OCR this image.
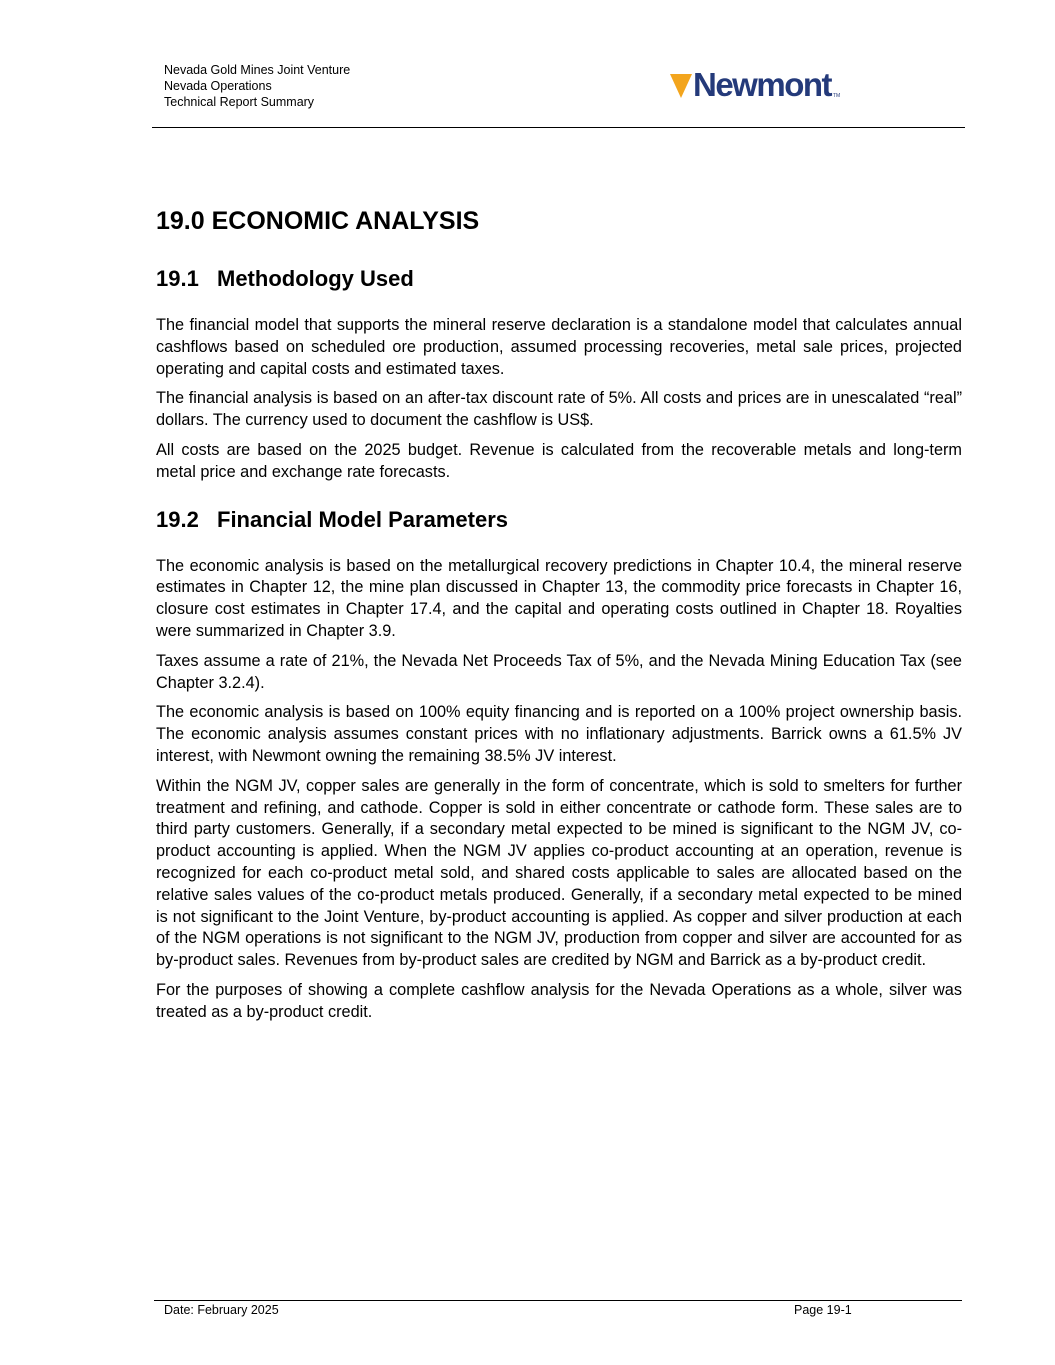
Nevada Gold Mines Joint Venture
Nevada Operations
Technical Report Summary	Newmont TM
19.0 ECONOMIC ANALYSIS
19.1 Methodology Used

The financial model that supports the mineral reserve declaration is a standalone model that calculates annual cashflows based on scheduled ore production, assumed processing recoveries, metal sale prices, projected operating and capital costs and estimated taxes.

The financial analysis is based on an after-tax discount rate of 5%. All costs and prices are in unescalated “real” dollars. The currency used to document the cashflow is US$.

All costs are based on the 2025 budget. Revenue is calculated from the recoverable metals and long-term metal price and exchange rate forecasts.

19.2 Financial Model Parameters

The economic analysis is based on the metallurgical recovery predictions in Chapter 10.4, the mineral reserve estimates in Chapter 12, the mine plan discussed in Chapter 13, the commodity price forecasts in Chapter 16, closure cost estimates in Chapter 17.4, and the capital and operating costs outlined in Chapter 18. Royalties were summarized in Chapter 3.9.

Taxes assume a rate of 21%, the Nevada Net Proceeds Tax of 5%, and the Nevada Mining Education Tax (see Chapter 3.2.4).

The economic analysis is based on 100% equity financing and is reported on a 100% project ownership basis. The economic analysis assumes constant prices with no inflationary adjustments. Barrick owns a 61.5% JV interest, with Newmont owning the remaining 38.5% JV interest.

Within the NGM JV, copper sales are generally in the form of concentrate, which is sold to smelters for further treatment and refining, and cathode. Copper is sold in either concentrate or cathode form. These sales are to third party customers. Generally, if a secondary metal expected to be mined is significant to the NGM JV, co-product accounting is applied. When the NGM JV applies co-product accounting at an operation, revenue is recognized for each co-product metal sold, and shared costs applicable to sales are allocated based on the relative sales values of the co-product metals produced. Generally, if a secondary metal expected to be mined is not significant to the Joint Venture, by-product accounting is applied. As copper and silver production at each of the NGM operations is not significant to the NGM JV, production from copper and silver are accounted for as by-product sales. Revenues from by-product sales are credited by NGM and Barrick as a by-product credit.

For the purposes of showing a complete cashflow analysis for the Nevada Operations as a whole, silver was treated as a by-product credit.

Date: February 2025	Page 19-1
